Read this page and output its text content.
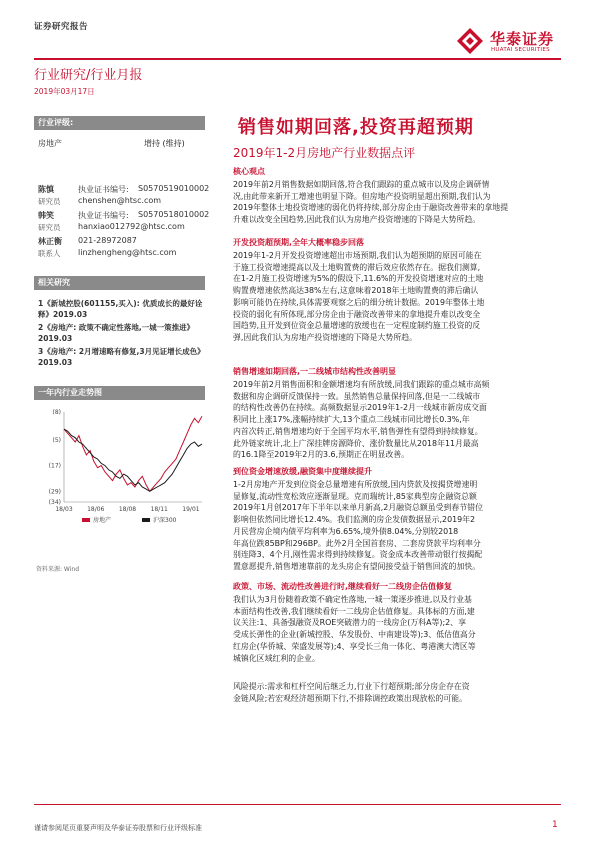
证券研究报告
华泰证券
HUATAI SECURITIES
行业研究/行业月报
2019年03月17日
行业评级:
房地产	增持 (维持)
陈慎
研究员
执业证书编号: S0570519010002
chenshen@htsc.com
韩笑
研究员
执业证书编号: S0570518010002
hanxiao012792@htsc.com
林正衡
联系人
021-28972087
linzhengheng@htsc.com
相关研究
1《新城控股(601155,买入): 优质成长的最好诠释》2019.03
2《房地产: 政策不确定性落地,一城一策推进》2019.03
3《房地产: 2月增速略有修复,3月见证增长成色》2019.03
一年内行业走势图
(8)
(5)
(17)
(29)
(34)
18/03 18/06 18/08 18/11 19/01
房地产	沪深300
资料来源: Wind
销售如期回落,投资再超预期
2019年1-2月房地产行业数据点评
核心观点
2019年前2月销售数据如期回落,符合我们跟踪的重点城市以及房企调研情
况,由此带来新开工增速也明显下降。但房地产投资明显超出预期,我们认为
2019年整体土地投资增速的弱化仍将持续,部分房企由于融资改善带来的拿地提
升难以改变全国趋势,因此我们认为房地产投资增速的下降是大势所趋。
开发投资超预期,全年大概率稳步回落
2019年1-2月开发投资增速超出市场预期,我们认为超预期的原因可能在
于施工投资增速提高以及土地购置费的滞后效应依然存在。据我们测算,
在1-2月施工投资增速为5%的假设下,11.6%的开发投资增速对应的土地
购置费增速依然高达38%左右,这意味着2018年土地购置费的滞后确认
影响可能仍在持续,具体需要观察之后的细分统计数据。2019年整体土地
投资的弱化有所体现,部分房企由于融资改善带来的拿地提升难以改变全
国趋势,且开发到位资金总量增速的放缓也在一定程度制约施工投资的反
弹,因此我们认为房地产投资增速的下降是大势所趋。
销售增速如期回落,一二线城市结构性改善明显
2019年前2月销售面积和金额增速均有所放缓,同我们跟踪的重点城市高频
数据和房企调研反馈保持一致。虽然销售总量保持回落,但是一二线城市
的结构性改善仍在持续。高频数据显示2019年1-2月一线城市新房成交面
积同比上涨17%,涨幅持续扩大,13个重点二线城市同比增长0.3%,年
内首次转正,销售增速均好于全国平均水平,销售弹性有望得到持续修复。
此外链家统计,北上广深挂牌房源降价、涨价数量比从2018年11月最高
的16.1降至2019年2月的3.6,预期正在明显改善。
到位资金增速放缓,融资集中度继续提升
1-2月房地产开发到位资金总量增速有所放缓,国内贷款及按揭贷增速明
显修复,流动性宽松效应逐渐显现。克而瑞统计,85家典型房企融资总额
2019年1月创2017年下半年以来单月新高,2月融资总额虽受到春节错位
影响但依然同比增长12.4%。我们监测的房企发债数据显示,2019年2
月民营房企境内债平均利率为6.65%,境外债8.04%,分别较2018
年高位跌85BP和296BP。此外2月全国首套房、二套房贷款平均利率分
别连降3、4个月,刚性需求得到持续修复。资金成本改善带动银行按揭配
置意愿提升,销售增速靠前的龙头房企有望间接受益于销售回流的加快。
政策、市场、流动性改善进行时,继续看好一二线房企估值修复
我们认为3月份随着政策不确定性落地,一城一策逐步推进,以及行业基
本面结构性改善,我们继续看好一二线房企估值修复。具体标的方面,建
议关注:1、具备强融资及ROE突破潜力的一线房企(万科A等);2、享
受成长弹性的企业(新城控股、华发股份、中南建设等);3、低估值高分
红房企(华侨城、荣盛发展等);4、享受长三角一体化、粤港澳大湾区等
城镇化区域红利的企业。
风险提示:需求和杠杆空间后继乏力,行业下行超预期;部分房企存在资
金链风险;若宏观经济超预期下行,不排除调控政策出现放松的可能。
谨请参阅尾页重要声明及华泰证券股票和行业评级标准	1
